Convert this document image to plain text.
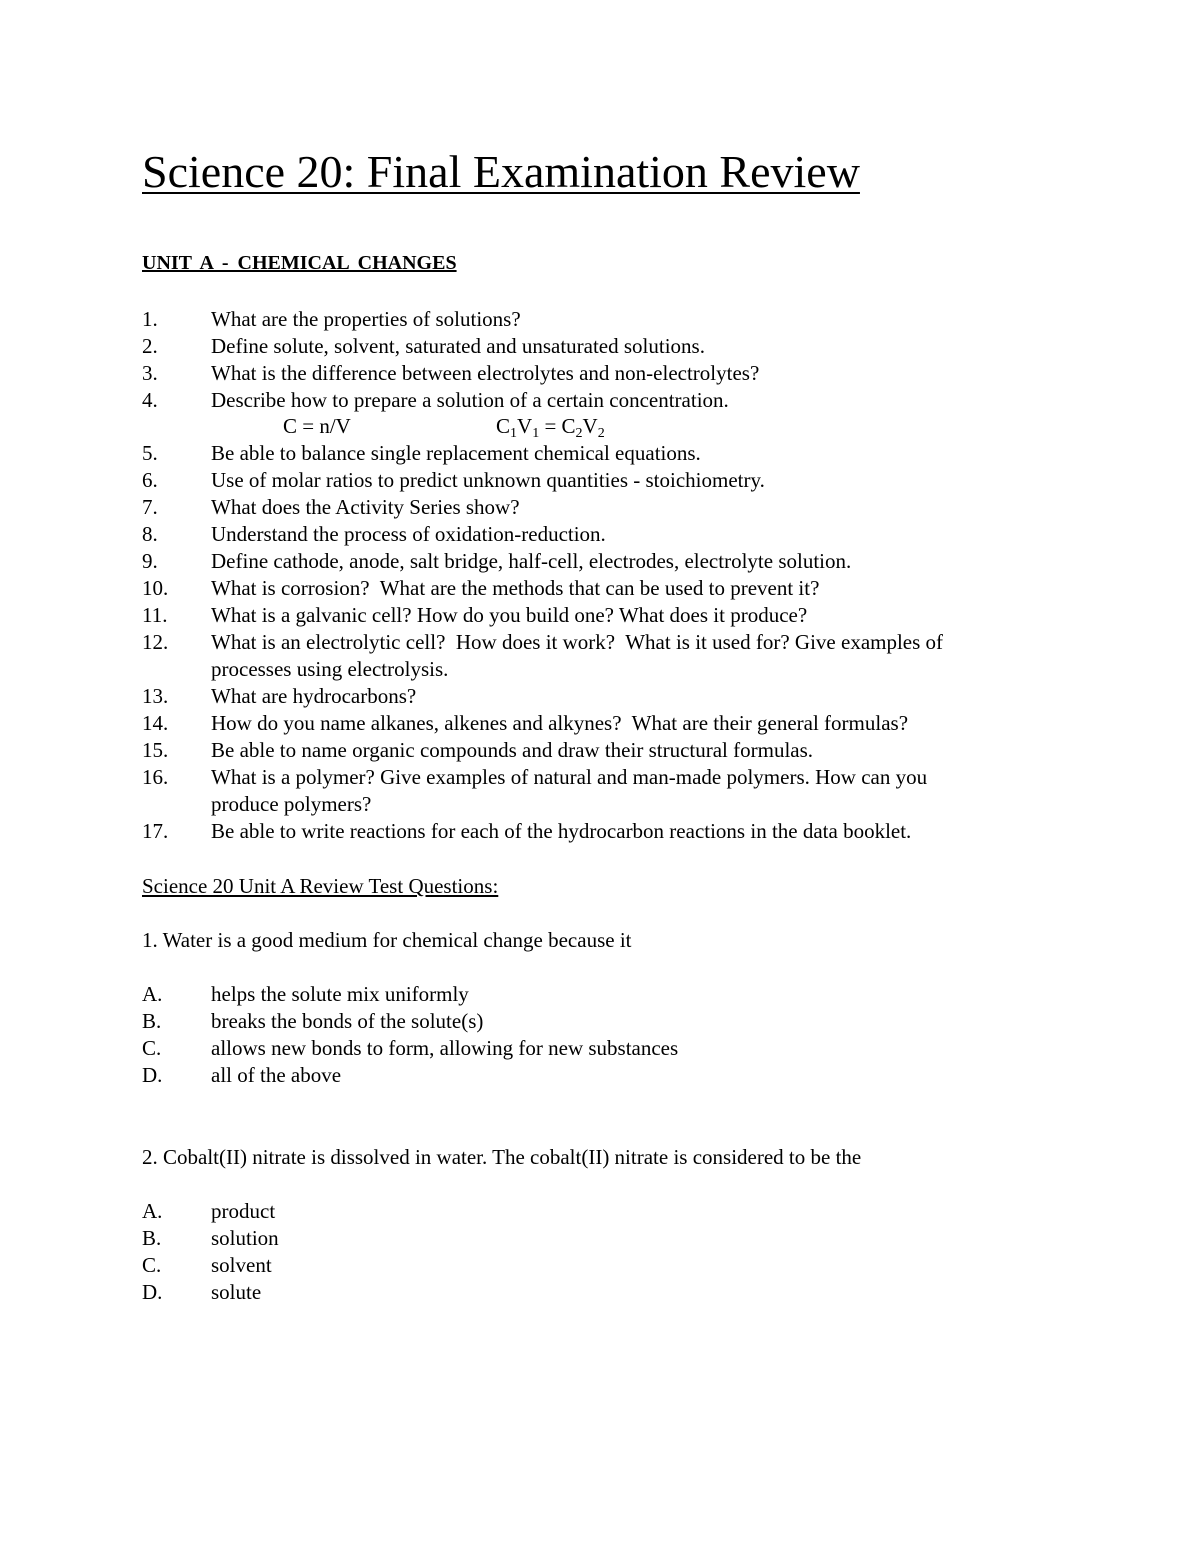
Science 20: Final Examination Review
UNIT A - CHEMICAL CHANGES
1.	What are the properties of solutions?
2.	Define solute, solvent, saturated and unsaturated solutions.
3.	What is the difference between electrolytes and non-electrolytes?
4.	Describe how to prepare a solution of a certain concentration.
C = n/V	$C_1V_1 = C_2V_2$
5.	Be able to balance single replacement chemical equations.
6.	Use of molar ratios to predict unknown quantities - stoichiometry.
7.	What does the Activity Series show?
8.	Understand the process of oxidation-reduction.
9.	Define cathode, anode, salt bridge, half-cell, electrodes, electrolyte solution.
10. What is corrosion?  What are the methods that can be used to prevent it?
11. What is a galvanic cell? How do you build one? What does it produce?
12. What is an electrolytic cell?  How does it work?  What is it used for? Give examples of
processes using electrolysis.
13. What are hydrocarbons?
14. How do you name alkanes, alkenes and alkynes?  What are their general formulas?
15. Be able to name organic compounds and draw their structural formulas.
16. What is a polymer? Give examples of natural and man-made polymers. How can you
produce polymers?
17. Be able to write reactions for each of the hydrocarbon reactions in the data booklet.
Science 20 Unit A Review Test Questions:
1. Water is a good medium for chemical change because it
A. helps the solute mix uniformly
B. breaks the bonds of the solute(s)
C. allows new bonds to form, allowing for new substances
D. all of the above
2. Cobalt(II) nitrate is dissolved in water. The cobalt(II) nitrate is considered to be the
A. product
B. solution
C. solvent
D. solute
